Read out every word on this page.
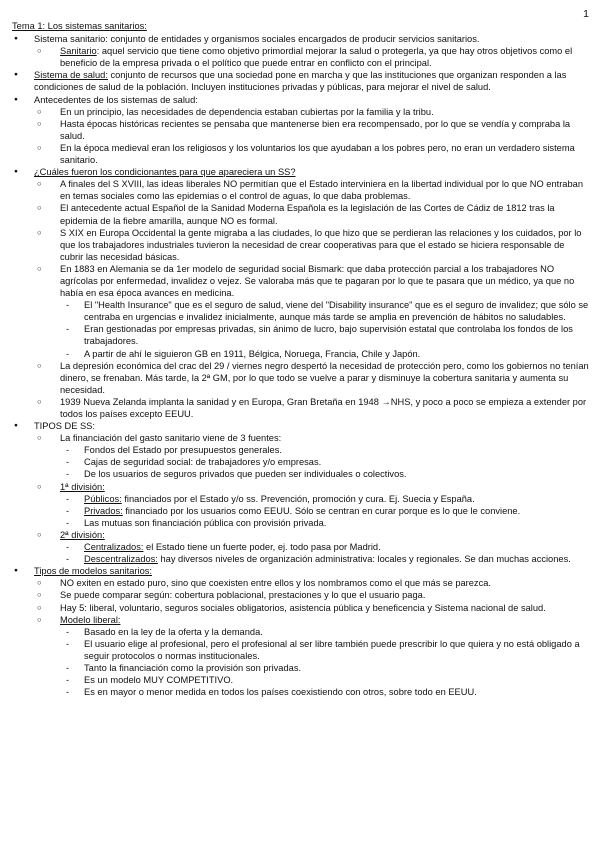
1
Tema 1: Los sistemas sanitarios:
● Sistema sanitario: conjunto de entidades y organismos sociales encargados de producir servicios sanitarios.
○ Sanitario: aquel servicio que tiene como objetivo primordial mejorar la salud o protegerla, ya que hay otros objetivos como el beneficio de la empresa privada o el político que puede entrar en conflicto con el principal.
● Sistema de salud: conjunto de recursos que una sociedad pone en marcha y que las instituciones que organizan responden a las condiciones de salud de la población. Incluyen instituciones privadas y públicas, para mejorar el nivel de salud.
● Antecedentes de los sistemas de salud:
○ En un principio, las necesidades de dependencia estaban cubiertas por la familia y la tribu.
○ Hasta épocas históricas recientes se pensaba que mantenerse bien era recompensado, por lo que se vendía y compraba la salud.
○ En la época medieval eran los religiosos y los voluntarios los que ayudaban a los pobres pero, no eran un verdadero sistema sanitario.
● ¿Cuáles fueron los condicionantes para que apareciera un SS?
○ A finales del S XVIII, las ideas liberales NO permitían que el Estado interviniera en la libertad individual por lo que NO entraban en temas sociales como las epidemias o el control de aguas, lo que daba problemas.
○ El antecedente actual Español de la Sanidad Moderna Española es la legislación de las Cortes de Cádiz de 1812 tras la epidemia de la fiebre amarilla, aunque NO es formal.
○ S XIX en Europa Occidental la gente migraba a las ciudades, lo que hizo que se perdieran las relaciones y los cuidados, por lo que los trabajadores industriales tuvieron la necesidad de crear cooperativas para que el estado se hiciera responsable de cubrir las necesidad básicas.
○ En 1883 en Alemania se da 1er modelo de seguridad social Bismark: que daba protección parcial a los trabajadores NO agrícolas por enfermedad, invalidez o vejez. Se valoraba más que te pagaran por lo que te pasara que un médico, ya que no había en esa época avances en medicina.
- El "Health Insurance" que es el seguro de salud, viene del "Disability insurance" que es el seguro de invalidez; que sólo se centraba en urgencias e invalidez inicialmente, aunque más tarde se amplia en prevención de hábitos no saludables.
- Eran gestionadas por empresas privadas, sin ánimo de lucro, bajo supervisión estatal que controlaba los fondos de los trabajadores.
- A partir de ahí le siguieron GB en 1911, Bélgica, Noruega, Francia, Chile y Japón.
○ La depresión económica del crac del 29 / viernes negro despertó la necesidad de protección pero, como los gobiernos no tenían dinero, se frenaban. Más tarde, la 2ª GM, por lo que todo se vuelve a parar y disminuye la cobertura sanitaria y aumenta su necesidad.
○ 1939 Nueva Zelanda implanta la sanidad y en Europa, Gran Bretaña en 1948 →NHS, y poco a poco se empieza a extender por todos los países excepto EEUU.
● TIPOS DE SS:
○ La financiación del gasto sanitario viene de 3 fuentes:
- Fondos del Estado por presupuestos generales.
- Cajas de seguridad social: de trabajadores y/o empresas.
- De los usuarios de seguros privados que pueden ser individuales o colectivos.
○ 1ª división:
- Públicos: financiados por el Estado y/o ss. Prevención, promoción y cura. Ej. Suecia y España.
- Privados: financiado por los usuarios como EEUU. Sólo se centran en curar porque es lo que le conviene.
- Las mutuas son financiación pública con provisión privada.
○ 2ª división:
- Centralizados: el Estado tiene un fuerte poder, ej. todo pasa por Madrid.
- Descentralizados: hay diversos niveles de organización administrativa: locales y regionales. Se dan muchas acciones.
● Tipos de modelos sanitarios:
○ NO exiten en estado puro, sino que coexisten entre ellos y los nombramos como el que más se parezca.
○ Se puede comparar según: cobertura poblacional, prestaciones y lo que el usuario paga.
○ Hay 5: liberal, voluntario, seguros sociales obligatorios, asistencia pública y beneficencia y Sistema nacional de salud.
○ Modelo liberal:
- Basado en la ley de la oferta y la demanda.
- El usuario elige al profesional, pero el profesional al ser libre también puede prescribir lo que quiera y no está obligado a seguir protocolos o normas institucionales.
- Tanto la financiación como la provisión son privadas.
- Es un modelo MUY COMPETITIVO.
- Es en mayor o menor medida en todos los países coexistiendo con otros, sobre todo en EEUU.
